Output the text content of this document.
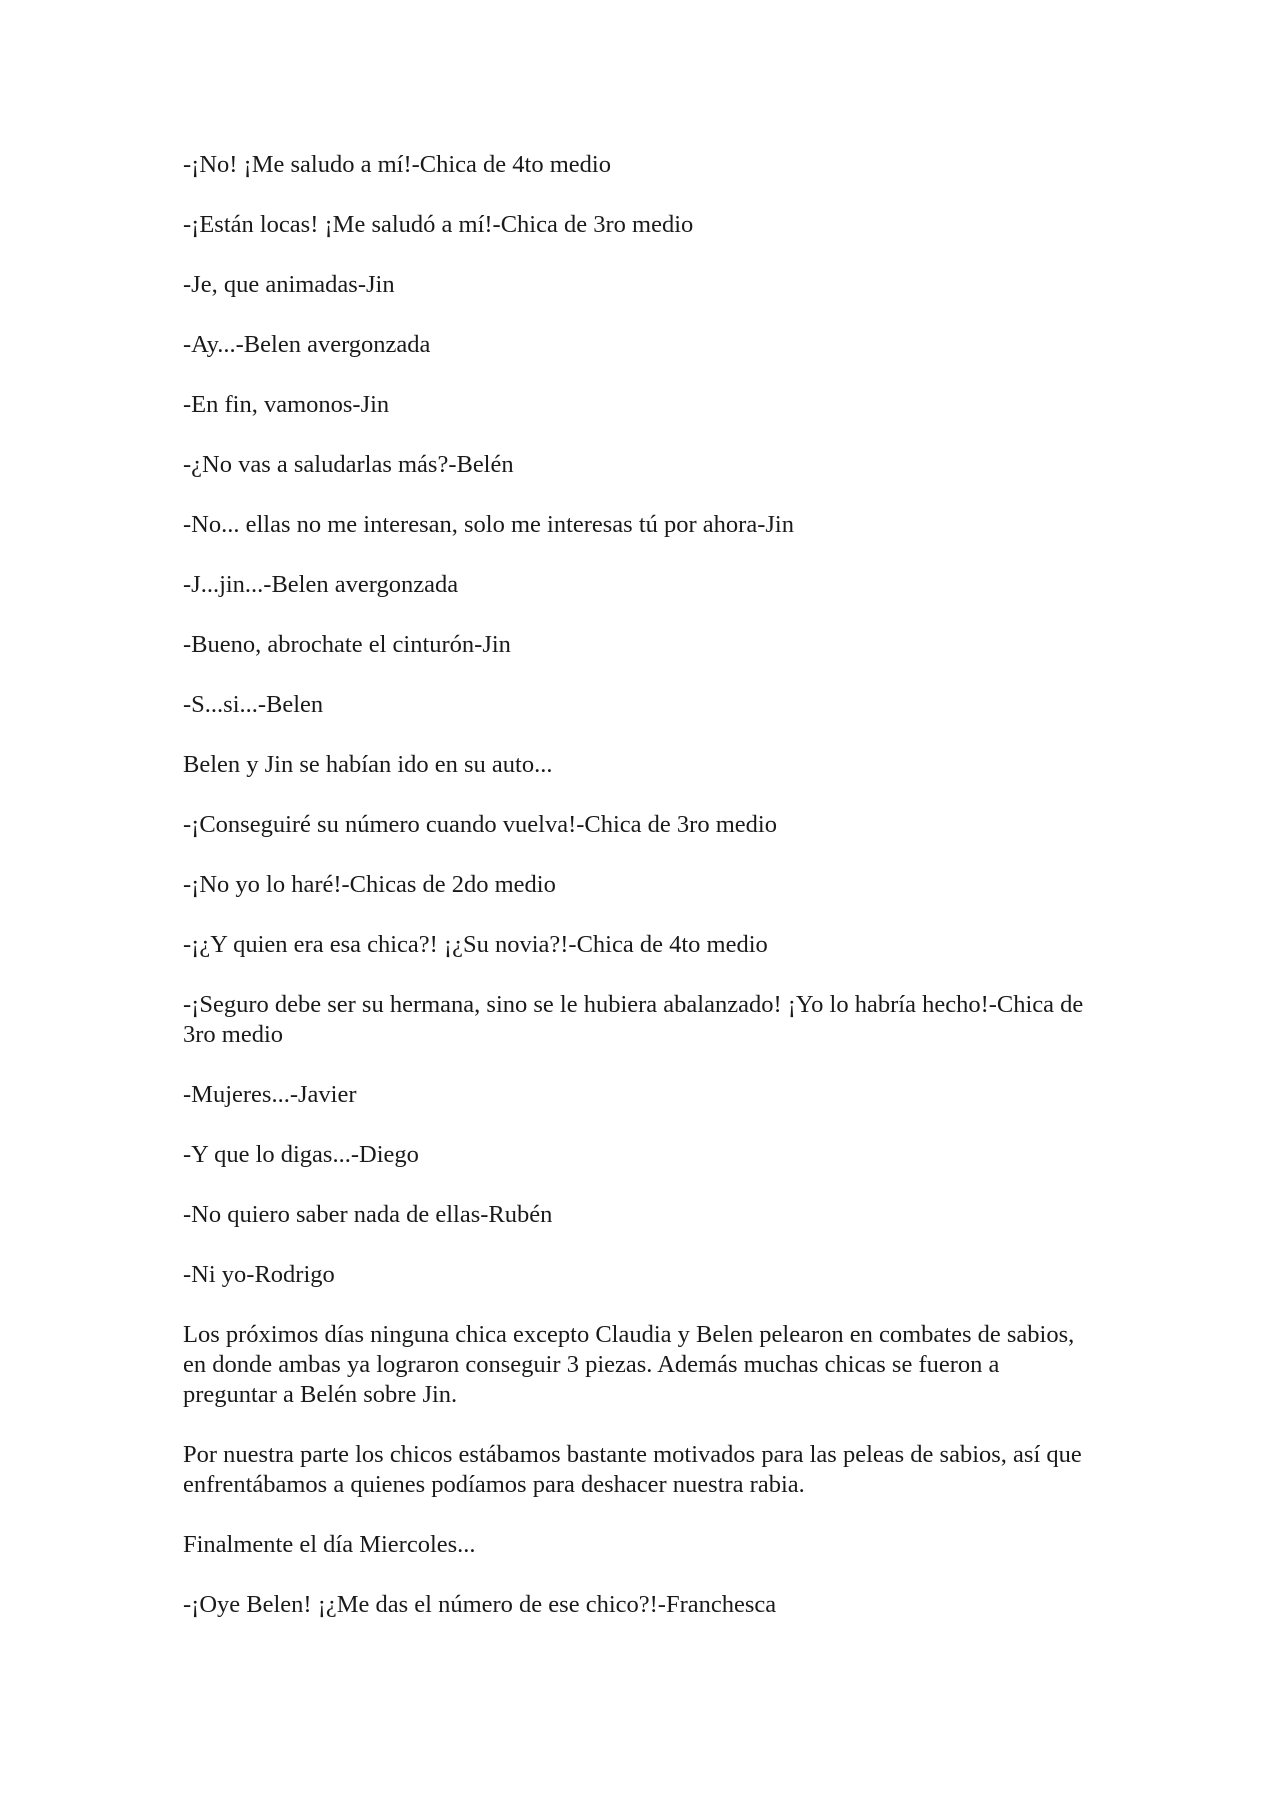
-¡No! ¡Me saludo a mí!-Chica de 4to medio

-¡Están locas! ¡Me saludó a mí!-Chica de 3ro medio

-Je, que animadas-Jin

-Ay...-Belen avergonzada

-En fin, vamonos-Jin

-¿No vas a saludarlas más?-Belén

-No... ellas no me interesan, solo me interesas tú por ahora-Jin

-J...jin...-Belen avergonzada

-Bueno, abrochate el cinturón-Jin

-S...si...-Belen

Belen y Jin se habían ido en su auto...

-¡Conseguiré su número cuando vuelva!-Chica de 3ro medio

-¡No yo lo haré!-Chicas de 2do medio

-¡¿Y quien era esa chica?! ¡¿Su novia?!-Chica de 4to medio

-¡Seguro debe ser su hermana, sino se le hubiera abalanzado! ¡Yo lo habría hecho!-Chica de 3ro medio

-Mujeres...-Javier

-Y que lo digas...-Diego

-No quiero saber nada de ellas-Rubén

-Ni yo-Rodrigo

Los próximos días ninguna chica excepto Claudia y Belen pelearon en combates de sabios, en donde ambas ya lograron conseguir 3 piezas. Además muchas chicas se fueron a preguntar a Belén sobre Jin.

Por nuestra parte los chicos estábamos bastante motivados para las peleas de sabios, así que enfrentábamos a quienes podíamos para deshacer nuestra rabia.

Finalmente el día Miercoles...

-¡Oye Belen! ¡¿Me das el número de ese chico?!-Franchesca
